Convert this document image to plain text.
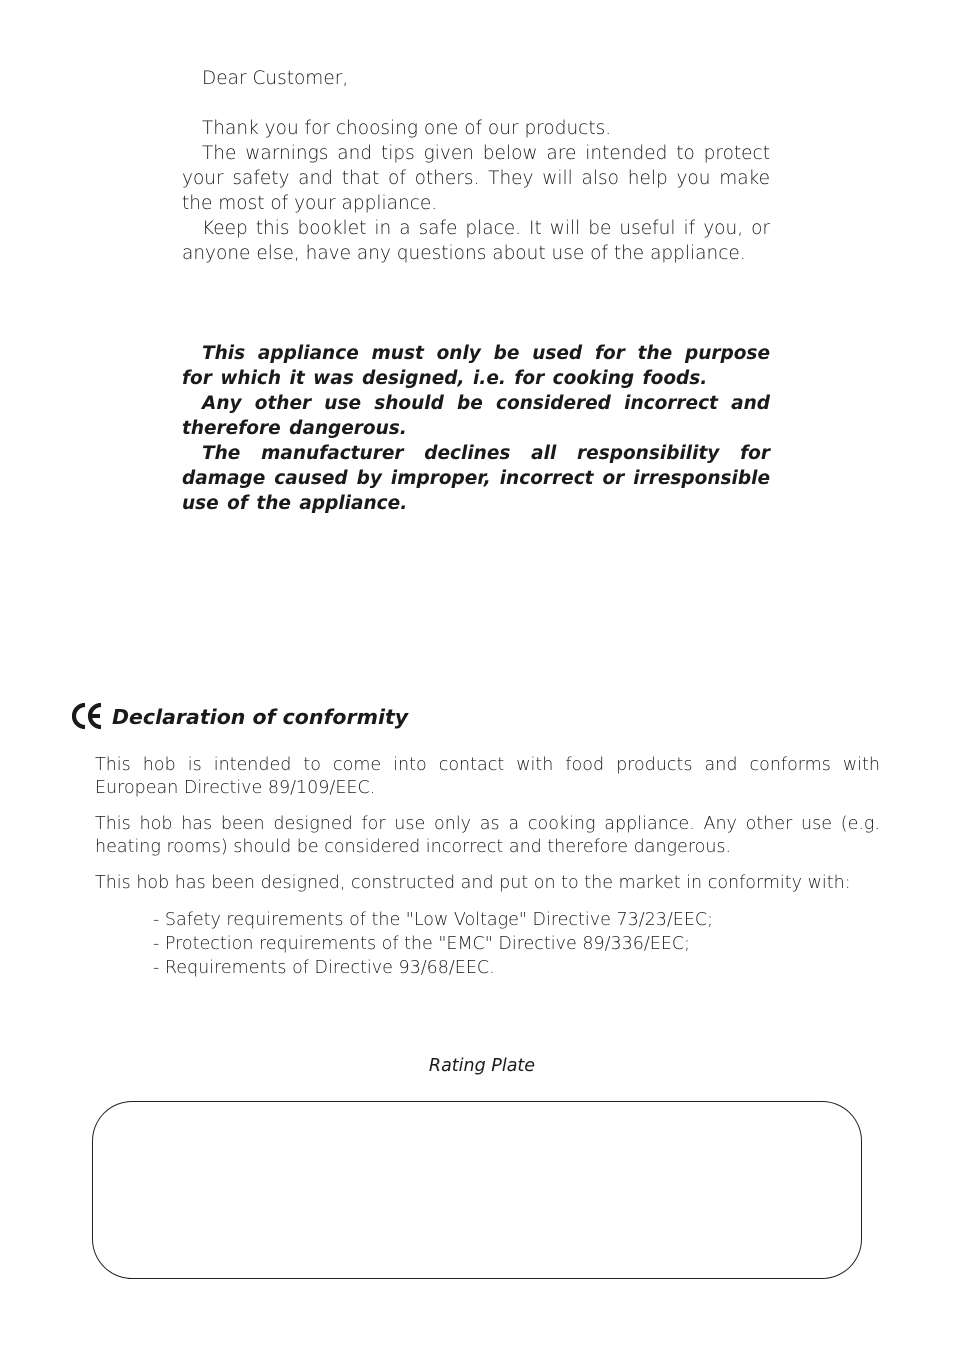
Dear Customer,

Thank you for choosing one of our products.

The warnings and tips given below are intended to protect your safety and that of others. They will also help you make the most of your appliance.

Keep this booklet in a safe place. It will be useful if you, or anyone else, have any questions about use of the appliance.

This appliance must only be used for the purpose for which it was designed, i.e. for cooking foods.

Any other use should be considered incorrect and therefore dangerous.

The manufacturer declines all responsibility for damage caused by improper, incorrect or irresponsible use of the appliance.

Declaration of conformity

This hob is intended to come into contact with food products and conforms with European Directive 89/109/EEC.

This hob has been designed for use only as a cooking appliance. Any other use (e.g. heating rooms) should be considered incorrect and therefore dangerous.

This hob has been designed, constructed and put on to the market in conformity with:

- Safety requirements of the "Low Voltage" Directive 73/23/EEC;
- Protection requirements of the "EMC" Directive 89/336/EEC;
- Requirements of Directive 93/68/EEC.
Rating Plate
